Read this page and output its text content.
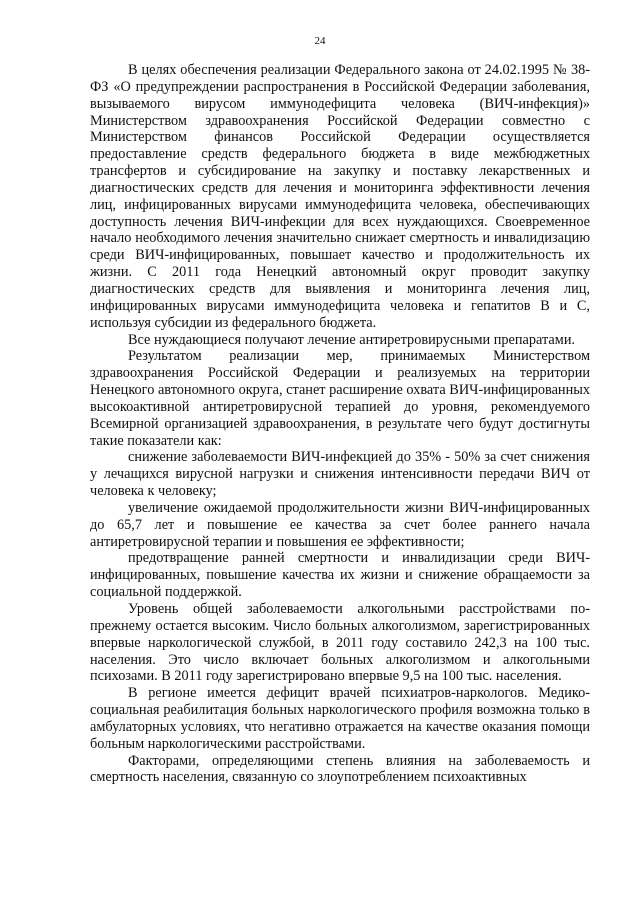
24

В целях обеспечения реализации Федерального закона от 24.02.1995 № 38-ФЗ «О предупреждении распространения в Российской Федерации заболевания, вызываемого вирусом иммунодефицита человека (ВИЧ-инфекция)» Министерством здравоохранения Российской Федерации совместно с Министерством финансов Российской Федерации осуществляется предоставление средств федерального бюджета в виде межбюджетных трансфертов и субсидирование на закупку и поставку лекарственных и диагностических средств для лечения и мониторинга эффективности лечения лиц, инфицированных вирусами иммунодефицита человека, обеспечивающих доступность лечения ВИЧ-инфекции для всех нуждающихся. Своевременное начало необходимого лечения значительно снижает смертность и инвалидизацию среди ВИЧ-инфицированных, повышает качество и продолжительность их жизни. С 2011 года Ненецкий автономный округ проводит закупку диагностических средств для выявления и мониторинга лечения лиц, инфицированных вирусами иммунодефицита человека и гепатитов В и С, используя субсидии из федерального бюджета.

Все нуждающиеся получают лечение антиретровирусными препаратами.

Результатом реализации мер, принимаемых Министерством здравоохранения Российской Федерации и реализуемых на территории Ненецкого автономного округа, станет расширение охвата ВИЧ-инфицированных высокоактивной антиретровирусной терапией до уровня, рекомендуемого Всемирной организацией здравоохранения, в результате чего будут достигнуты такие показатели как:

снижение заболеваемости ВИЧ-инфекцией до 35% - 50% за счет снижения у лечащихся вирусной нагрузки и снижения интенсивности передачи ВИЧ от человека к человеку;

увеличение ожидаемой продолжительности жизни ВИЧ-инфицированных до 65,7 лет и повышение ее качества за счет более раннего начала антиретровирусной терапии и повышения ее эффективности;

предотвращение ранней смертности и инвалидизации среди ВИЧ-инфицированных, повышение качества их жизни и снижение обращаемости за социальной поддержкой.

Уровень общей заболеваемости алкогольными расстройствами по-прежнему остается высоким. Число больных алкоголизмом, зарегистрированных впервые наркологической службой, в 2011 году составило 242,3 на 100 тыс. населения. Это число включает больных алкоголизмом и алкогольными психозами. В 2011 году зарегистрировано впервые 9,5 на 100 тыс. населения.

В регионе имеется дефицит врачей психиатров-наркологов. Медико-социальная реабилитация больных наркологического профиля возможна только в амбулаторных условиях, что негативно отражается на качестве оказания помощи больным наркологическими расстройствами.

Факторами, определяющими степень влияния на заболеваемость и смертность населения, связанную со злоупотреблением психоактивных
